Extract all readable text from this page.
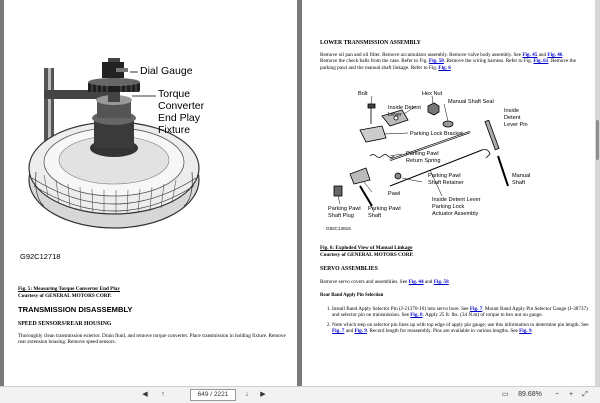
Dial Gauge
Torque
Converter
End Play
Fixture
G92C12718
Fig. 5: Measuring Torque Converter End Play
Courtesy of GENERAL MOTORS CORP.
TRANSMISSION DISASSEMBLY
SPEED SENSORS/REAR HOUSING

Thoroughly clean transmission exterior. Drain fluid, and remove torque converter. Place transmission in holding fixture. Remove rear extension housing. Remove speed sensors.

LOWER TRANSMISSION ASSEMBLY

Remove oil pan and oil filter. Remove accumulator assembly. Remove valve body assembly. See Fig. 45 and Fig. 46. Remove the check balls from the case. Refer to Fig. Fig. 58. Remove the wiring harness. Refer to Fig. Fig. 61. Remove the parking pawl and the manual shaft linkage. Refer to Fig. Fig. 6

Bolt	Hex Nut
Manual Shaft Seal
Inside Detent
Lever
Inside
Detent
Lever Pin
Parking Lock Bracket
Parking Pawl
Return Spring
Parking Pawl
Shaft Retainer
Manual
Shaft
Pawl
Parking Pawl
Shaft Plug
Parking Pawl
Shaft
Inside Detent Lever
Parking Lock
Actuator Assembly
G92C13815
Fig. 6: Exploded View of Manual Linkage
Courtesy of GENERAL MOTORS CORP.
SERVO ASSEMBLIES

Remove servo covers and assemblies. See Fig. 44 and Fig. 58

Rear Band Apply Pin Selection
1. Install Band Apply Selector Pin (J-21370-10) into servo bore. See Fig. 7. Mount Band Apply Pin Selector Gauge (J-38737) and selector pin on transmission. See Fig. 8. Apply 25 ft. lbs. (34 N.m) of torque to hex nut on gauge.
2. Note which step on selector pin lines up with top edge of apply pin gauge; use this information to determine pin length. See Fig. 7 and Fig. 9. Record length for reassembly. Pins are available in various lengths. See Fig. 9.
◀	↑	649 / 2221	↓	▶	▭	89.68%	−	+	⤢
